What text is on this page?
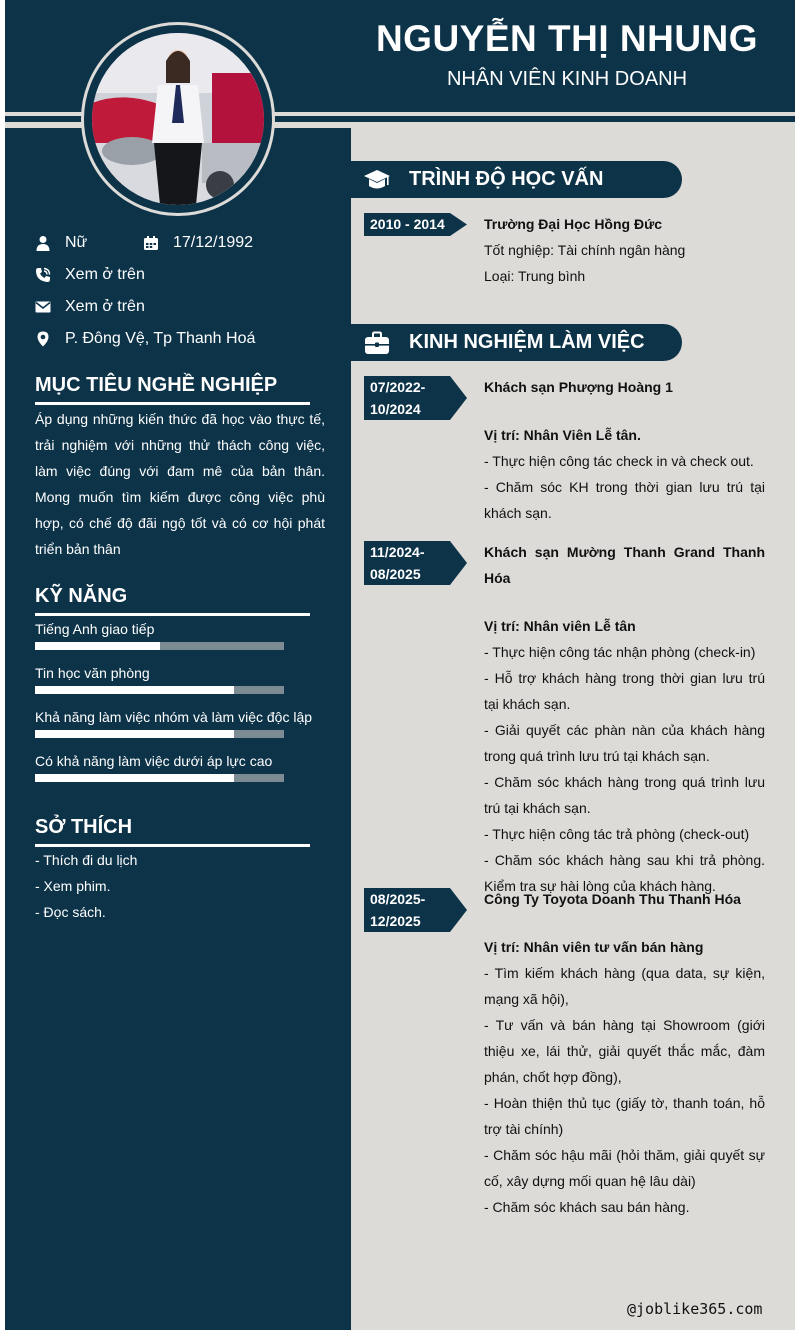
NGUYỄN THỊ NHUNG
NHÂN VIÊN KINH DOANH
Nữ	17/12/1992
Xem ở trên
Xem ở trên
P. Đông Vệ, Tp Thanh Hoá
MỤC TIÊU NGHỀ NGHIỆP
Áp dụng những kiến thức đã học vào thực tế, trải nghiệm với những thử thách công việc, làm việc đúng với đam mê của bản thân. Mong muốn tìm kiếm được công việc phù hợp, có chế độ đãi ngộ tốt và có cơ hội phát triển bản thân
KỸ NĂNG
Tiếng Anh giao tiếp
Tin học văn phòng
Khả năng làm việc nhóm và làm việc độc lập
Có khả năng làm việc dưới áp lực cao
SỞ THÍCH
- Thích đi du lịch
- Xem phim.
- Đọc sách.
TRÌNH ĐỘ HỌC VẤN
2010 - 2014	Trường Đại Học Hồng Đức
Tốt nghiệp: Tài chính ngân hàng
Loại: Trung bình
KINH NGHIỆM LÀM VIỆC
07/2022-
10/2024
Khách sạn Phượng Hoàng 1
Vị trí: Nhân Viên Lễ tân.
- Thực hiện công tác check in và check out.
- Chăm sóc KH trong thời gian lưu trú tại khách sạn.
11/2024-
08/2025
Khách sạn Mường Thanh Grand Thanh Hóa
Vị trí: Nhân viên Lễ tân
- Thực hiện công tác nhận phòng (check-in)
- Hỗ trợ khách hàng trong thời gian lưu trú tại khách sạn.
- Giải quyết các phàn nàn của khách hàng trong quá trình lưu trú tại khách sạn.
- Chăm sóc khách hàng trong quá trình lưu trú tại khách sạn.
- Thực hiện công tác trả phòng (check-out)
- Chăm sóc khách hàng sau khi trả phòng. Kiểm tra sự hài lòng của khách hàng.
08/2025-
12/2025
Công Ty Toyota Doanh Thu Thanh Hóa
Vị trí: Nhân viên tư vấn bán hàng
- Tìm kiếm khách hàng (qua data, sự kiện, mạng xã hội),
- Tư vấn và bán hàng tại Showroom (giới thiệu xe, lái thử, giải quyết thắc mắc, đàm phán, chốt hợp đồng),
- Hoàn thiện thủ tục (giấy tờ, thanh toán, hỗ trợ tài chính)
- Chăm sóc hậu mãi (hỏi thăm, giải quyết sự cố, xây dựng mối quan hệ lâu dài)
- Chăm sóc khách sau bán hàng.
@joblike365.com
